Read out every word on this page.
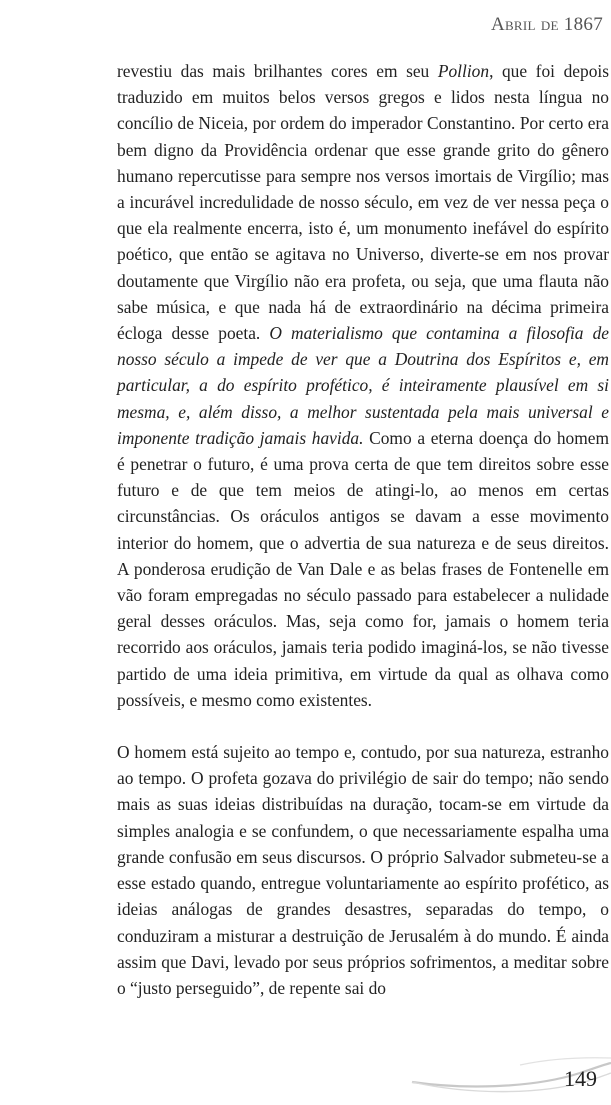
Abril de 1867

revestiu das mais brilhantes cores em seu Pollion, que foi depois traduzido em muitos belos versos gregos e lidos nesta língua no concílio de Niceia, por ordem do imperador Constantino. Por certo era bem digno da Providência ordenar que esse grande grito do gênero humano repercutisse para sempre nos versos imortais de Virgílio; mas a incurável incredulidade de nosso século, em vez de ver nessa peça o que ela realmente encerra, isto é, um monumento inefável do espírito poético, que então se agitava no Universo, diverte-se em nos provar doutamente que Virgílio não era profeta, ou seja, que uma flauta não sabe música, e que nada há de extraordinário na décima primeira écloga desse poeta. O materialismo que contamina a filosofia de nosso século a impede de ver que a Doutrina dos Espíritos e, em particular, a do espírito profético, é inteiramente plausível em si mesma, e, além disso, a melhor sustentada pela mais universal e imponente tradição jamais havida. Como a eterna doença do homem é penetrar o futuro, é uma prova certa de que tem direitos sobre esse futuro e de que tem meios de atingi-lo, ao menos em certas circunstâncias. Os oráculos antigos se davam a esse movimento interior do homem, que o advertia de sua natureza e de seus direitos. A ponderosa erudição de Van Dale e as belas frases de Fontenelle em vão foram empregadas no século passado para estabelecer a nulidade geral desses oráculos. Mas, seja como for, jamais o homem teria recorrido aos oráculos, jamais teria podido imaginá-los, se não tivesse partido de uma ideia primitiva, em virtude da qual as olhava como possíveis, e mesmo como existentes.

O homem está sujeito ao tempo e, contudo, por sua natureza, estranho ao tempo. O profeta gozava do privilégio de sair do tempo; não sendo mais as suas ideias distribuídas na duração, tocam-se em virtude da simples analogia e se confundem, o que necessariamente espalha uma grande confusão em seus discursos. O próprio Salvador submeteu-se a esse estado quando, entregue voluntariamente ao espírito profético, as ideias análogas de grandes desastres, separadas do tempo, o conduziram a misturar a destruição de Jerusalém à do mundo. É ainda assim que Davi, levado por seus próprios sofrimentos, a meditar sobre o “justo perseguido”, de repente sai do

149
